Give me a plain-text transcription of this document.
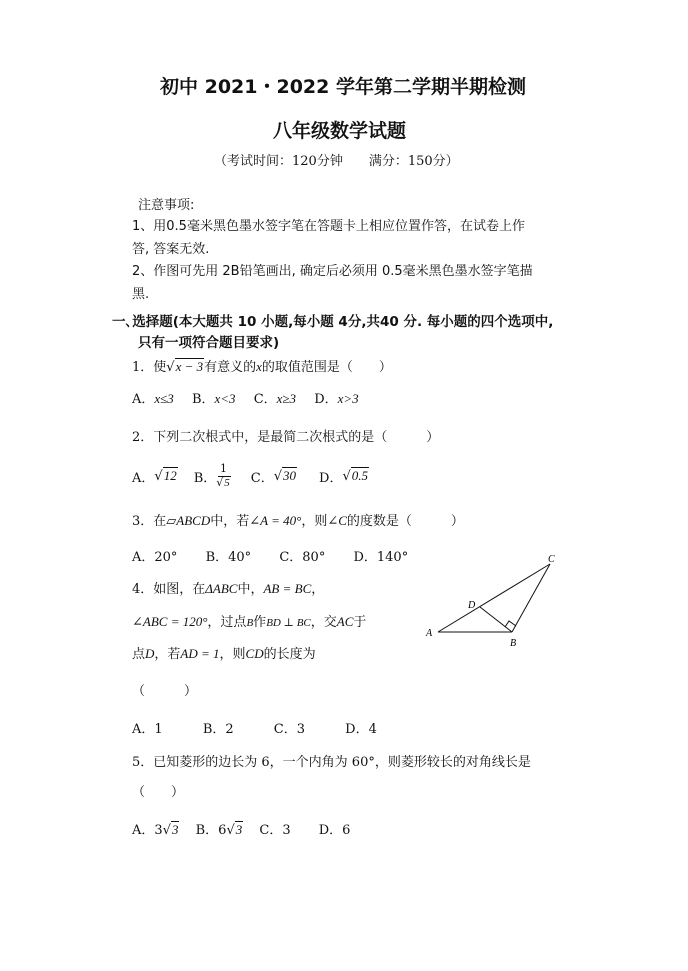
初中 2021・2022 学年第二学期半期检测
八年级数学试题
（考试时间：120分钟　　满分：150分）
注意事项:
1、用0.5毫米黑色墨水签字笔在答题卡上相应位置作答，在试卷上作
答, 答案无效.
2、作图可先用 2B铅笔画出, 确定后必须用 0.5毫米黑色墨水签字笔描
黑.
一､选择题(本大题共 10 小题,每小题 4分,共40 分. 每小题的四个选项中,
只有一项符合题目要求)
1．使√x − 3有意义的x的取值范围是（　　）
A．x≤3 B．x<3 C．x≥3 D．x>3
2．下列二次根式中，是最简二次根式的是（　　　）
A． √12 B． $\frac{1}{√5}$ C． √30 D． √0.5
3．在▱ABCD中，若∠A = 40°，则∠C的度数是（　　　）
A．20° B．40° C．80° D．140°
4．如图，在ΔABC中，AB = BC，
∠ABC = 120°，过点B作BD ⊥ BC，交AC于
点D，若AD = 1，则CD的长度为
（　　　）
A．1	B．2	C．3	D．4
A
B
C
D
5．已知菱形的边长为 6，一个内角为 60°，则菱形较长的对角线长是
（　　）
A．3√3 B．6√3 C．3 D．6
